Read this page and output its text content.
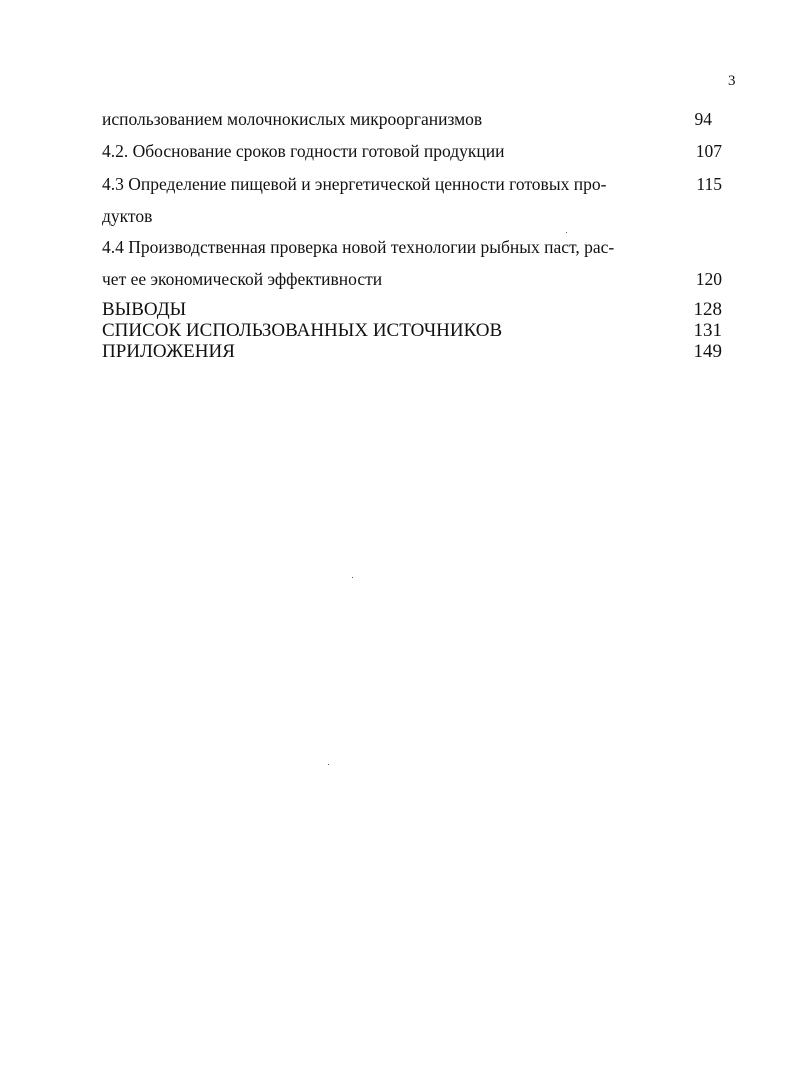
3
использованием молочнокислых микроорганизмов	94
4.2. Обоснование сроков годности готовой продукции	107
4.3 Определение пищевой и энергетической ценности готовых про-	115
дуктов
4.4 Производственная проверка новой технологии рыбных паст, рас-
чет ее экономической эффективности	120
ВЫВОДЫ	128
СПИСОК ИСПОЛЬЗОВАННЫХ ИСТОЧНИКОВ	131
ПРИЛОЖЕНИЯ	149
